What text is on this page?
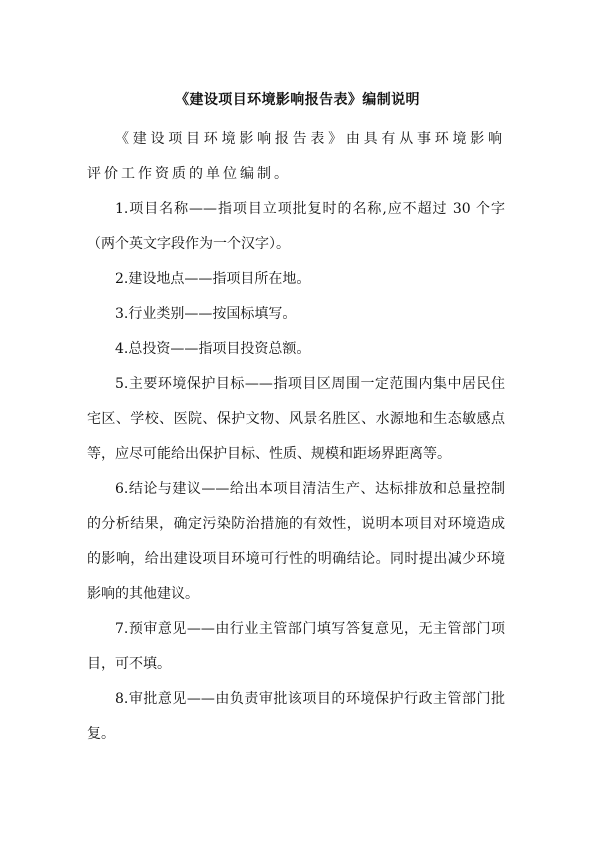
《建设项目环境影响报告表》编制说明

《建设项目环境影响报告表》由具有从事环境影响评价工作资质的单位编制。

1.项目名称——指项目立项批复时的名称,应不超过 30 个字（两个英文字段作为一个汉字）。

2.建设地点——指项目所在地。

3.行业类别——按国标填写。

4.总投资——指项目投资总额。

5.主要环境保护目标——指项目区周围一定范围内集中居民住宅区、学校、医院、保护文物、风景名胜区、水源地和生态敏感点等，应尽可能给出保护目标、性质、规模和距场界距离等。

6.结论与建议——给出本项目清洁生产、达标排放和总量控制的分析结果，确定污染防治措施的有效性，说明本项目对环境造成的影响，给出建设项目环境可行性的明确结论。同时提出减少环境影响的其他建议。

7.预审意见——由行业主管部门填写答复意见，无主管部门项目，可不填。

8.审批意见——由负责审批该项目的环境保护行政主管部门批复。
